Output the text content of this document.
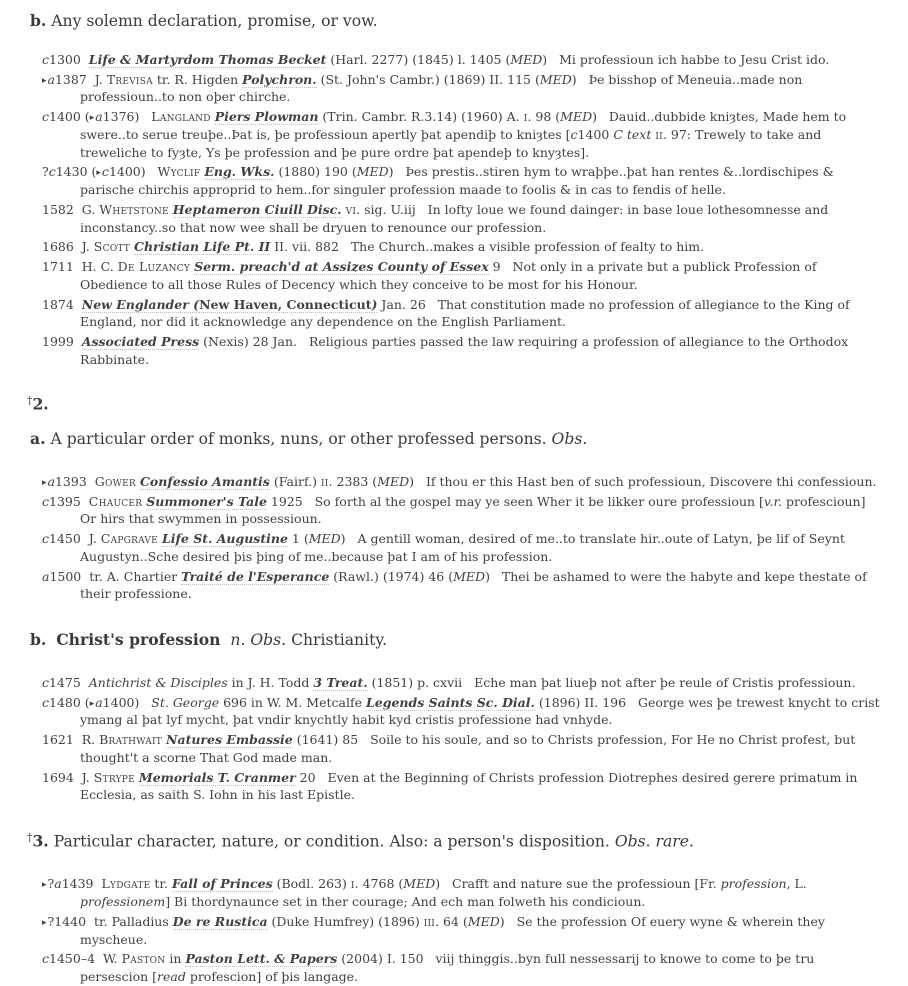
b. Any solemn declaration, promise, or vow.
c1300  Life & Martyrdom Thomas Becket (Harl. 2277) (1845) l. 1405 (MED)   Mi professioun ich habbe to Jesu Crist ido.
▸a1387  J. Trevisa tr. R. Higden Polychron. (St. John's Cambr.) (1869) II. 115 (MED)   Þe bisshop of Meneuia..made non professioun..to non oþer chirche.
c1400 (▸a1376)   Langland Piers Plowman (Trin. Cambr. R.3.14) (1960) A. i. 98 (MED)   Dauid..dubbide kniȝtes, Made hem to swere..to serue treuþe..Þat is, þe professioun apertly þat apendiþ to kniȝtes [c1400 C text ii. 97: Trewely to take and treweliche to fyȝte, Ys þe profession and þe pure ordre þat apendeþ to knyȝtes].
?c1430 (▸c1400)   Wyclif Eng. Wks. (1880) 190 (MED)   Þes prestis..stiren hym to wraþþe..þat han rentes &..lordischipes & parische chirchis approprid to hem..for singuler profession maade to foolis & in cas to fendis of helle.
1582  G. Whetstone Heptameron Ciuill Disc. vi. sig. U.iij   In lofty loue we found dainger: in base loue lothesomnesse and inconstancy..so that now wee shall be dryuen to renounce our profession.
1686  J. Scott Christian Life Pt. II II. vii. 882   The Church..makes a visible profession of fealty to him.
1711  H. C. De Luzancy Serm. preach'd at Assizes County of Essex 9   Not only in a private but a publick Profession of Obedience to all those Rules of Decency which they conceive to be most for his Honour.
1874  New Englander (New Haven, Connecticut) Jan. 26   That constitution made no profession of allegiance to the King of England, nor did it acknowledge any dependence on the English Parliament.
1999  Associated Press (Nexis) 28 Jan.   Religious parties passed the law requiring a profession of allegiance to the Orthodox Rabbinate.
†2.
a. A particular order of monks, nuns, or other professed persons. Obs.
▸a1393  Gower Confessio Amantis (Fairf.) ii. 2383 (MED)   If thou er this Hast ben of such professioun, Discovere thi confessioun.
c1395  Chaucer Summoner's Tale 1925   So forth al the gospel may ye seen Wher it be likker oure professioun [v.r. profescioun] Or hirs that swymmen in possessioun.
c1450  J. Capgrave Life St. Augustine 1 (MED)   A gentill woman, desired of me..to translate hir..oute of Latyn, þe lif of Seynt Augustyn..Sche desired þis þing of me..because þat I am of his profession.
a1500  tr. A. Chartier Traité de l'Esperance (Rawl.) (1974) 46 (MED)   Thei be ashamed to were the habyte and kepe thestate of their professione.
b. Christ's profession n. Obs. Christianity.
c1475  Antichrist & Disciples in J. H. Todd 3 Treat. (1851) p. cxvii   Eche man þat liueþ not after þe reule of Cristis professioun.
c1480 (▸a1400)   St. George 696 in W. M. Metcalfe Legends Saints Sc. Dial. (1896) II. 196   George wes þe trewest knycht to crist ymang al þat lyf mycht, þat vndir knychtly habit kyd cristis professione had vnhyde.
1621  R. Brathwait Natures Embassie (1641) 85   Soile to his soule, and so to Christs profession, For He no Christ profest, but thought't a scorne That God made man.
1694  J. Strype Memorials T. Cranmer 20   Even at the Beginning of Christs profession Diotrephes desired gerere primatum in Ecclesia, as saith S. Iohn in his last Epistle.
†3. Particular character, nature, or condition. Also: a person's disposition. Obs. rare.
▸?a1439  Lydgate tr. Fall of Princes (Bodl. 263) i. 4768 (MED)   Crafft and nature sue the professioun [Fr. profession, L. professionem] Bi thordynaunce set in ther courage; And ech man folweth his condicioun.
▸?1440  tr. Palladius De re Rustica (Duke Humfrey) (1896) iii. 64 (MED)   Se the profession Of euery wyne & wherein they myscheue.
c1450–4  W. Paston in Paston Lett. & Papers (2004) I. 150   viij thinggis..byn full nessessarij to knowe to come to þe tru persescion [read profescion] of þis langage.
